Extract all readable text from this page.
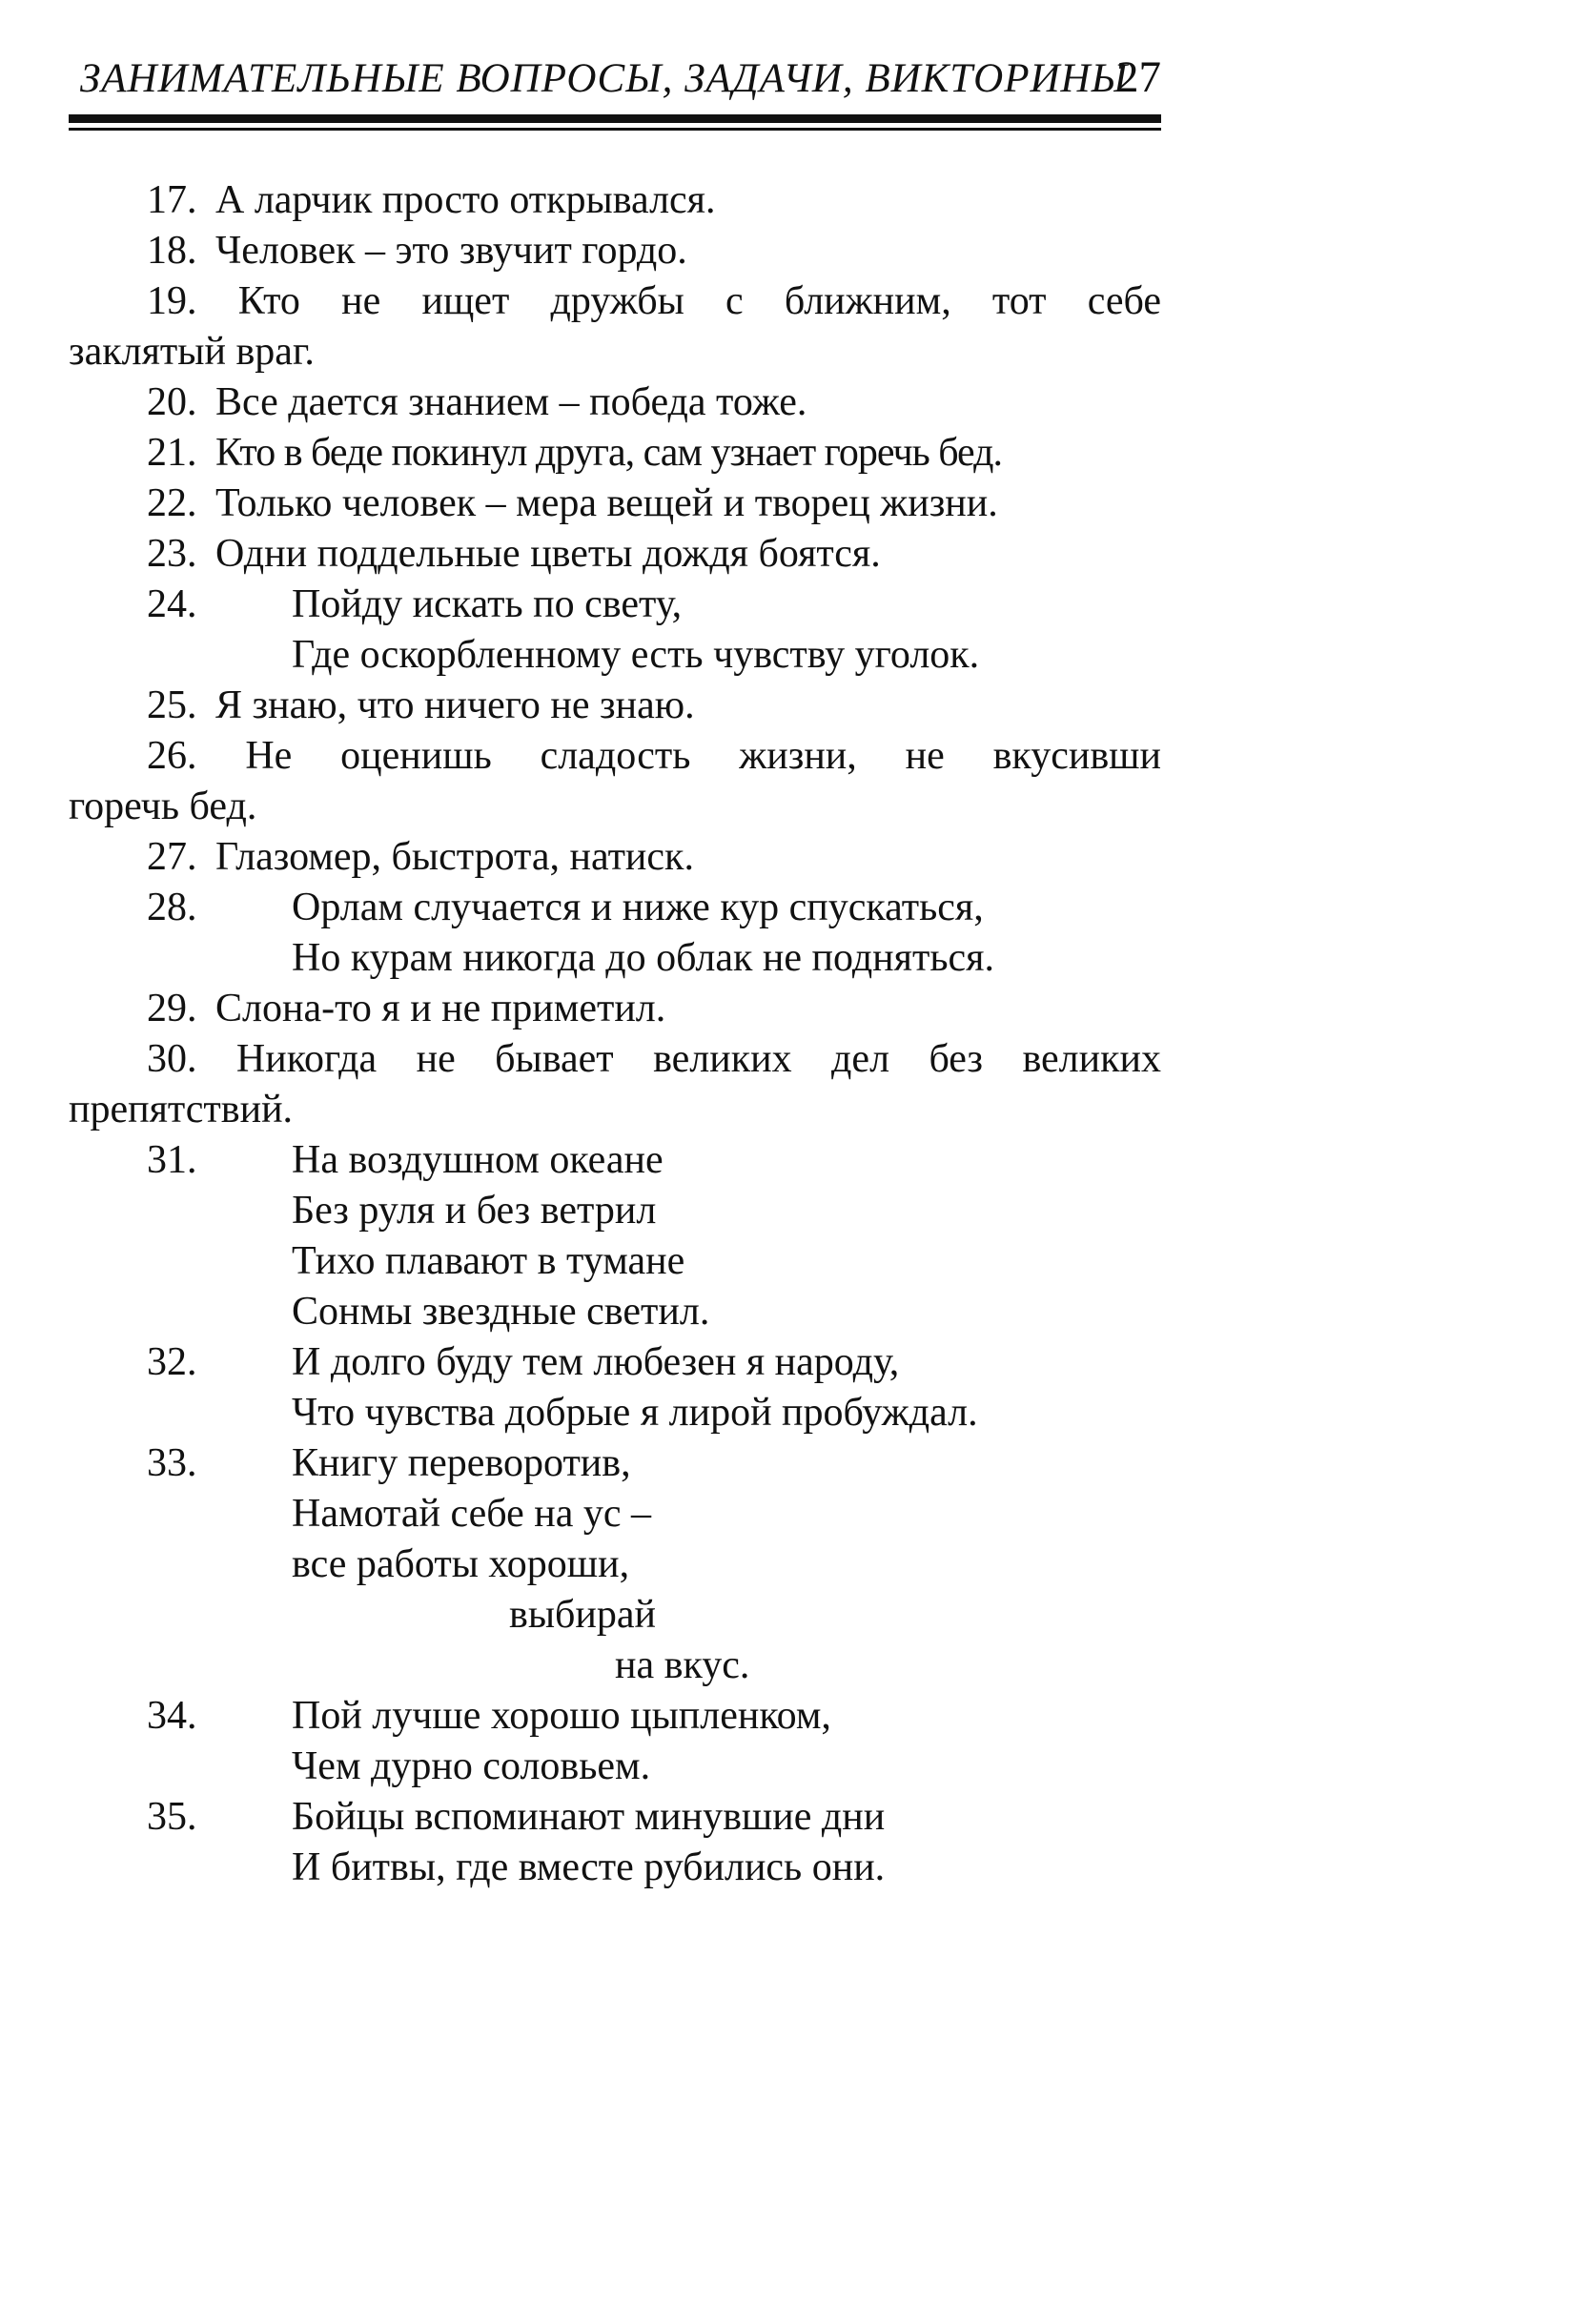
ЗАНИМАТЕЛЬНЫЕ ВОПРОСЫ, ЗАДАЧИ, ВИКТОРИНЫ
27
17. А ларчик просто открывался.
18. Человек – это звучит гордо.
19. Кто не ищет дружбы с ближним, тот себе
заклятый враг.
20. Все дается знанием – победа тоже.
21. Кто в беде покинул друга, сам узнает горечь бед.
22. Только человек – мера вещей и творец жизни.
23. Одни поддельные цветы дождя боятся.
24. Пойду искать по свету,
Где оскорбленному есть чувству уголок.
25. Я знаю, что ничего не знаю.
26. Не оценишь сладость жизни, не вкусивши
горечь бед.
27. Глазомер, быстрота, натиск.
28. Орлам случается и ниже кур спускаться,
Но курам никогда до облак не подняться.
29. Слона-то я и не приметил.
30. Никогда не бывает великих дел без великих
препятствий.
31. На воздушном океане
Без руля и без ветрил
Тихо плавают в тумане
Сонмы звездные светил.
32. И долго буду тем любезен я народу,
Что чувства добрые я лирой пробуждал.
33. Книгу переворотив,
Намотай себе на ус –
все работы хороши,
выбирай
на вкус.
34. Пой лучше хорошо цыпленком,
Чем дурно соловьем.
35. Бойцы вспоминают минувшие дни
И битвы, где вместе рубились они.
